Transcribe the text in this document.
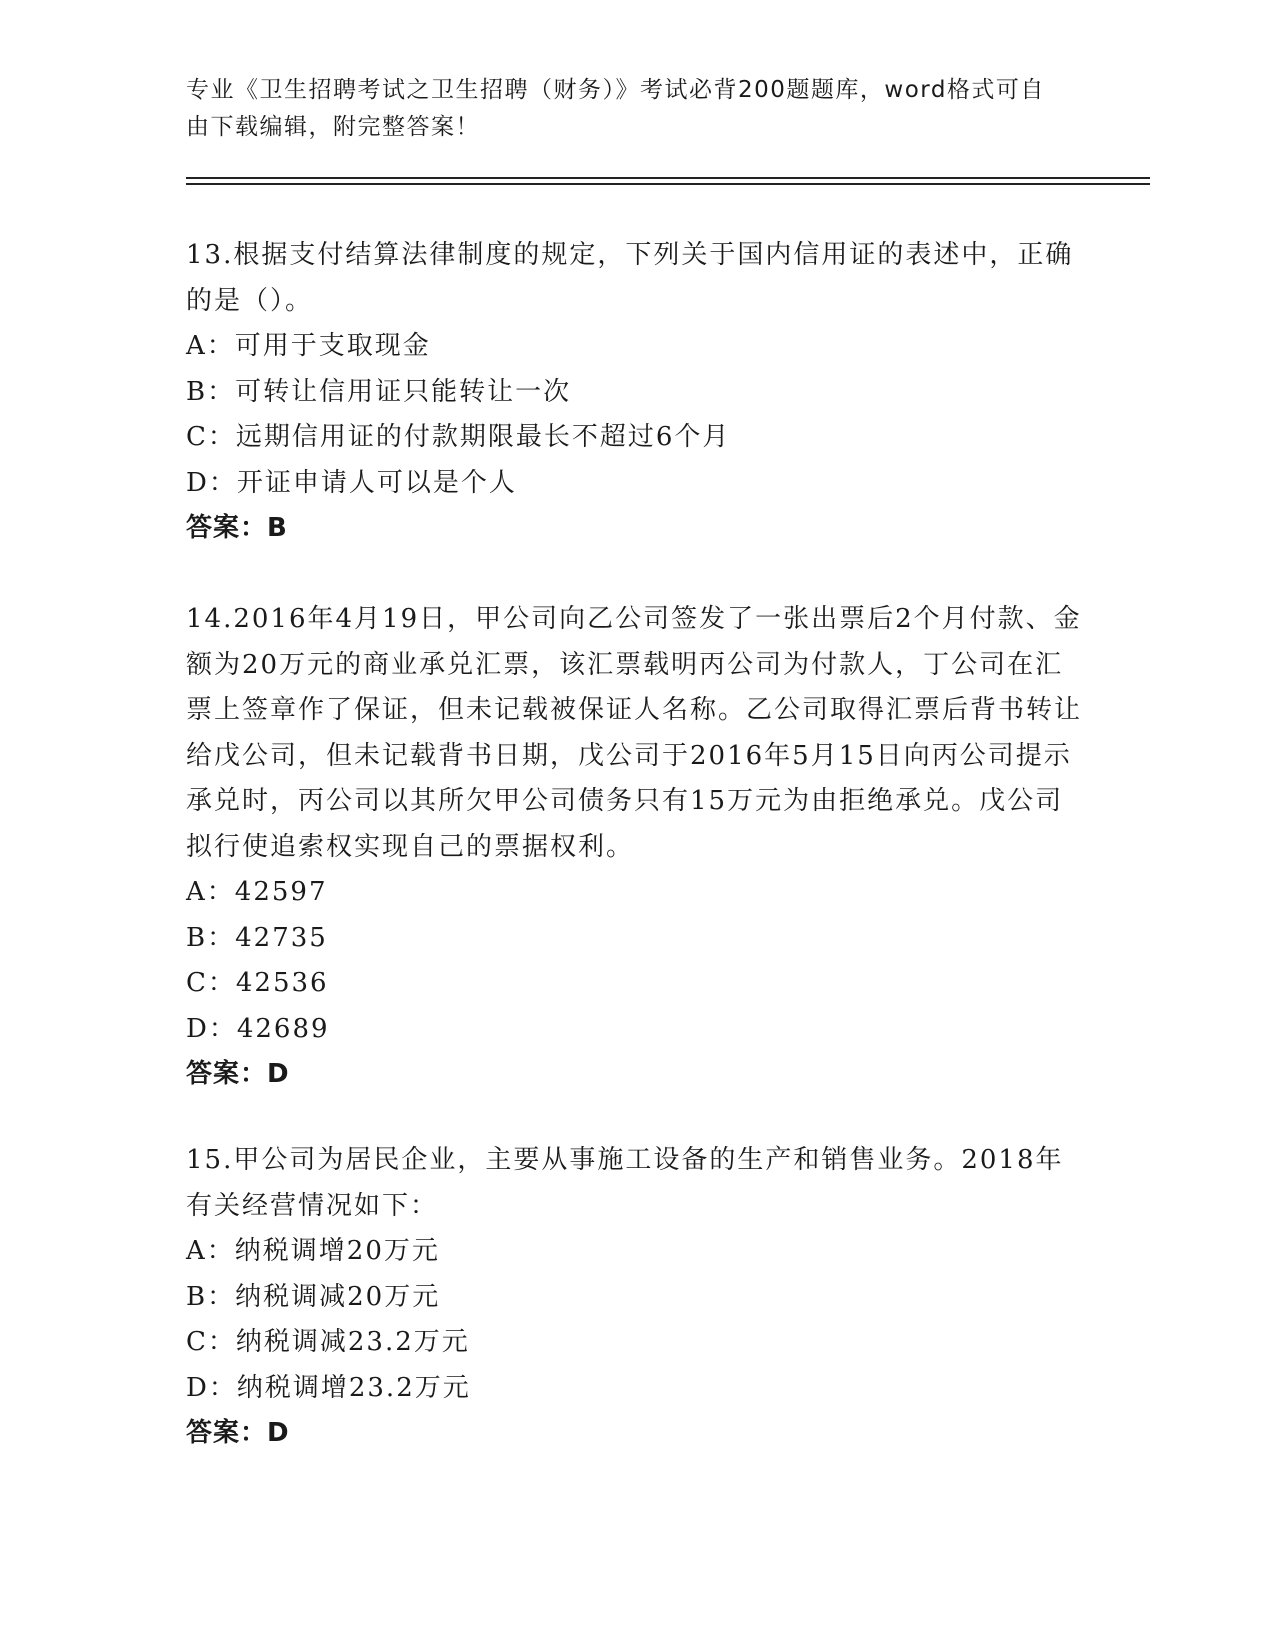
专业《卫生招聘考试之卫生招聘（财务）》考试必背200题题库，word格式可自由下载编辑，附完整答案！

13.根据支付结算法律制度的规定，下列关于国内信用证的表述中，正确的是（）。

A：可用于支取现金

B：可转让信用证只能转让一次

C：远期信用证的付款期限最长不超过6个月

D：开证申请人可以是个人

答案：B

14.2016年4月19日，甲公司向乙公司签发了一张出票后2个月付款、金额为20万元的商业承兑汇票，该汇票载明丙公司为付款人，丁公司在汇票上签章作了保证，但未记载被保证人名称。乙公司取得汇票后背书转让给戊公司，但未记载背书日期，戊公司于2016年5月15日向丙公司提示承兑时，丙公司以其所欠甲公司债务只有15万元为由拒绝承兑。戊公司拟行使追索权实现自己的票据权利。

A：42597

B：42735

C：42536

D：42689

答案：D

15.甲公司为居民企业，主要从事施工设备的生产和销售业务。2018年有关经营情况如下：

A：纳税调增20万元

B：纳税调减20万元

C：纳税调减23.2万元

D：纳税调增23.2万元

答案：D
